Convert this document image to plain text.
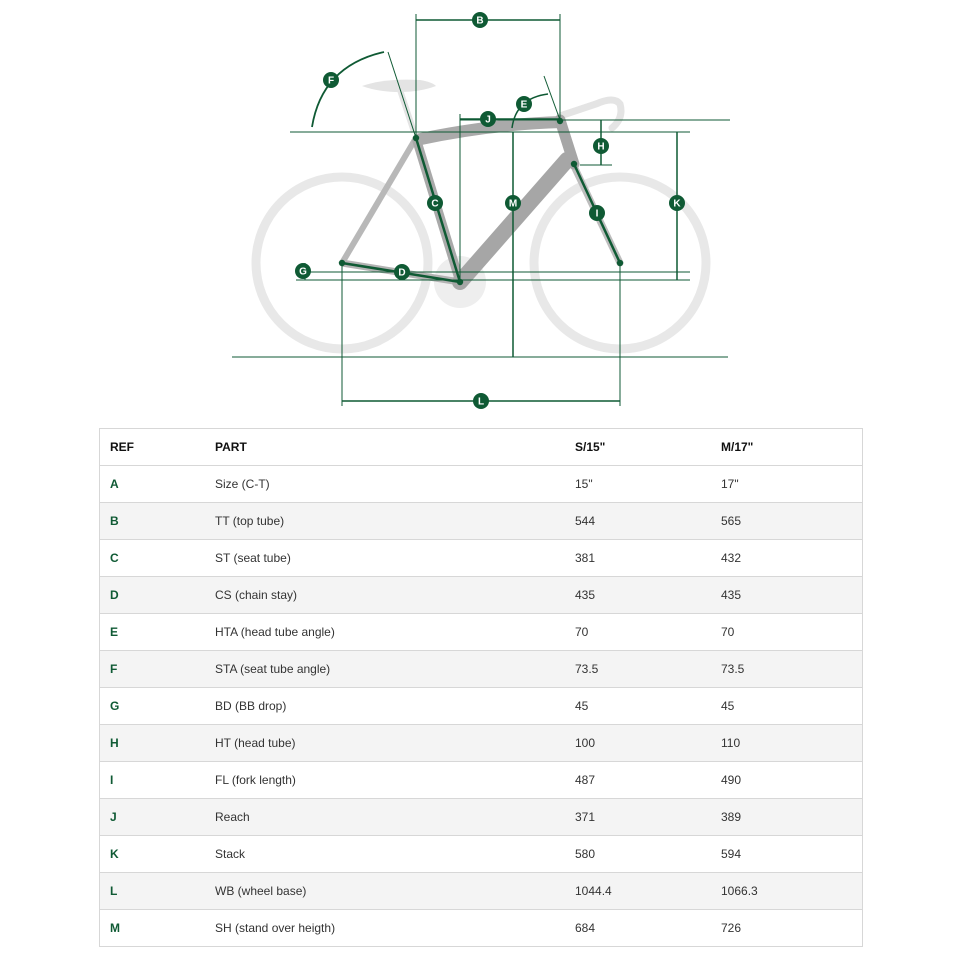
B
F
E
J
H
C	M	K
I
G	D
L
REF	PART	S/15"	M/17"
A	Size (C-T)	15"	17"
B	TT (top tube)	544	565
C	ST (seat tube)	381	432
D	CS (chain stay)	435	435
E	HTA (head tube angle)	70	70
F	STA (seat tube angle)	73.5	73.5
G	BD (BB drop)	45	45
H	HT (head tube)	100	110
I	FL (fork length)	487	490
J	Reach	371	389
K	Stack	580	594
L	WB (wheel base)	1044.4	1066.3
M	SH (stand over heigth)	684	726
